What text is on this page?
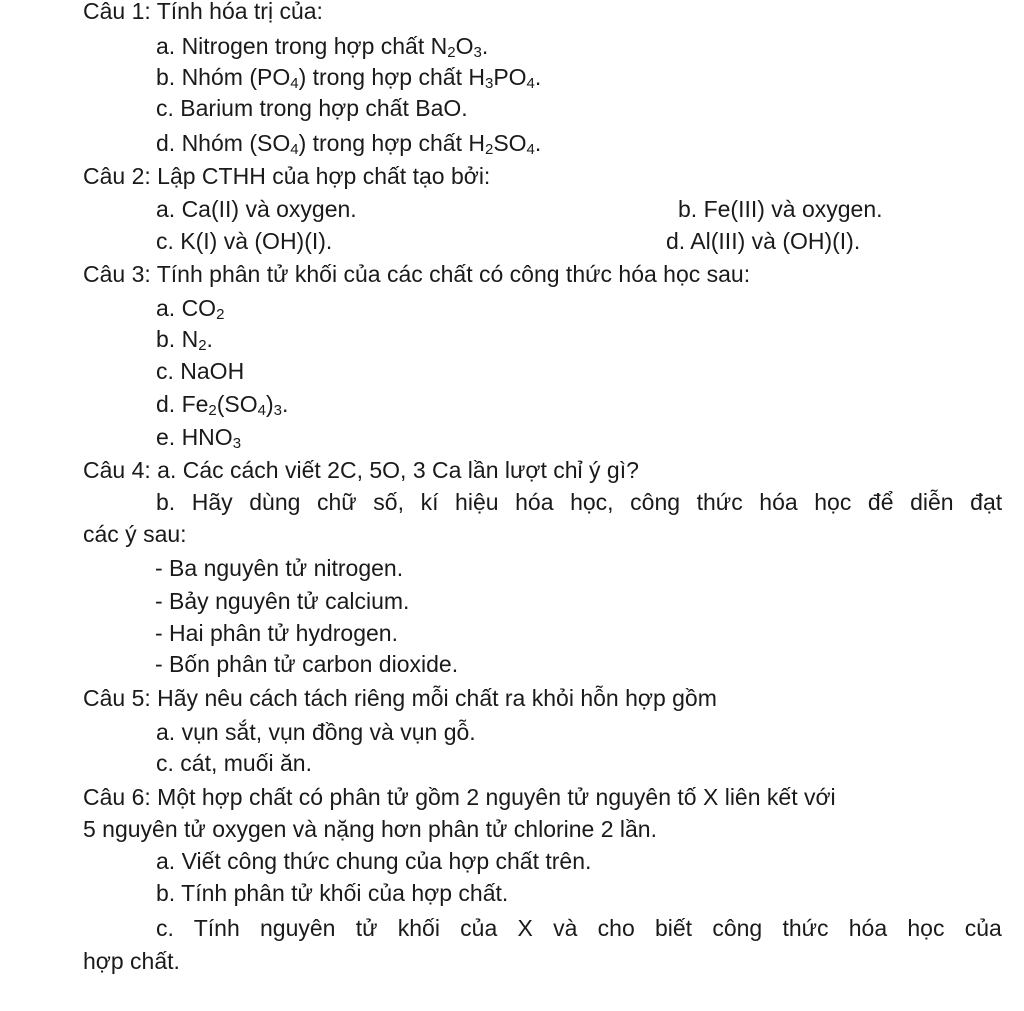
Câu 1: Tính hóa trị của:
a. Nitrogen trong hợp chất $N_2O_3$.
b. Nhóm $(PO_4)$ trong hợp chất $H_3PO_4$.
c. Barium trong hợp chất BaO.
d. Nhóm $(SO_4)$ trong hợp chất $H_2SO_4$.
Câu 2: Lập CTHH của hợp chất tạo bởi:
a. Ca(II) và oxygen.	b. Fe(III) và oxygen.
c. K(I) và (OH)(I).	d. Al(III) và (OH)(I).
Câu 3: Tính phân tử khối của các chất có công thức hóa học sau:
a. $CO_2$
b. $N_2$.
c. NaOH
d. $Fe_2(SO_4)_3$.
e. $HNO_3$
Câu 4: a. Các cách viết 2C, 5O, 3 Ca lần lượt chỉ ý gì?
b. Hãy dùng chữ số, kí hiệu hóa học, công thức hóa học để diễn đạt
các ý sau:
- Ba nguyên tử nitrogen.
- Bảy nguyên tử calcium.
- Hai phân tử hydrogen.
- Bốn phân tử carbon dioxide.
Câu 5: Hãy nêu cách tách riêng mỗi chất ra khỏi hỗn hợp gồm
a. vụn sắt, vụn đồng và vụn gỗ.
c. cát, muối ăn.
Câu 6: Một hợp chất có phân tử gồm 2 nguyên tử nguyên tố X liên kết với
5 nguyên tử oxygen và nặng hơn phân tử chlorine 2 lần.
a. Viết công thức chung của hợp chất trên.
b. Tính phân tử khối của hợp chất.
c. Tính nguyên tử khối của X và cho biết công thức hóa học của
hợp chất.
